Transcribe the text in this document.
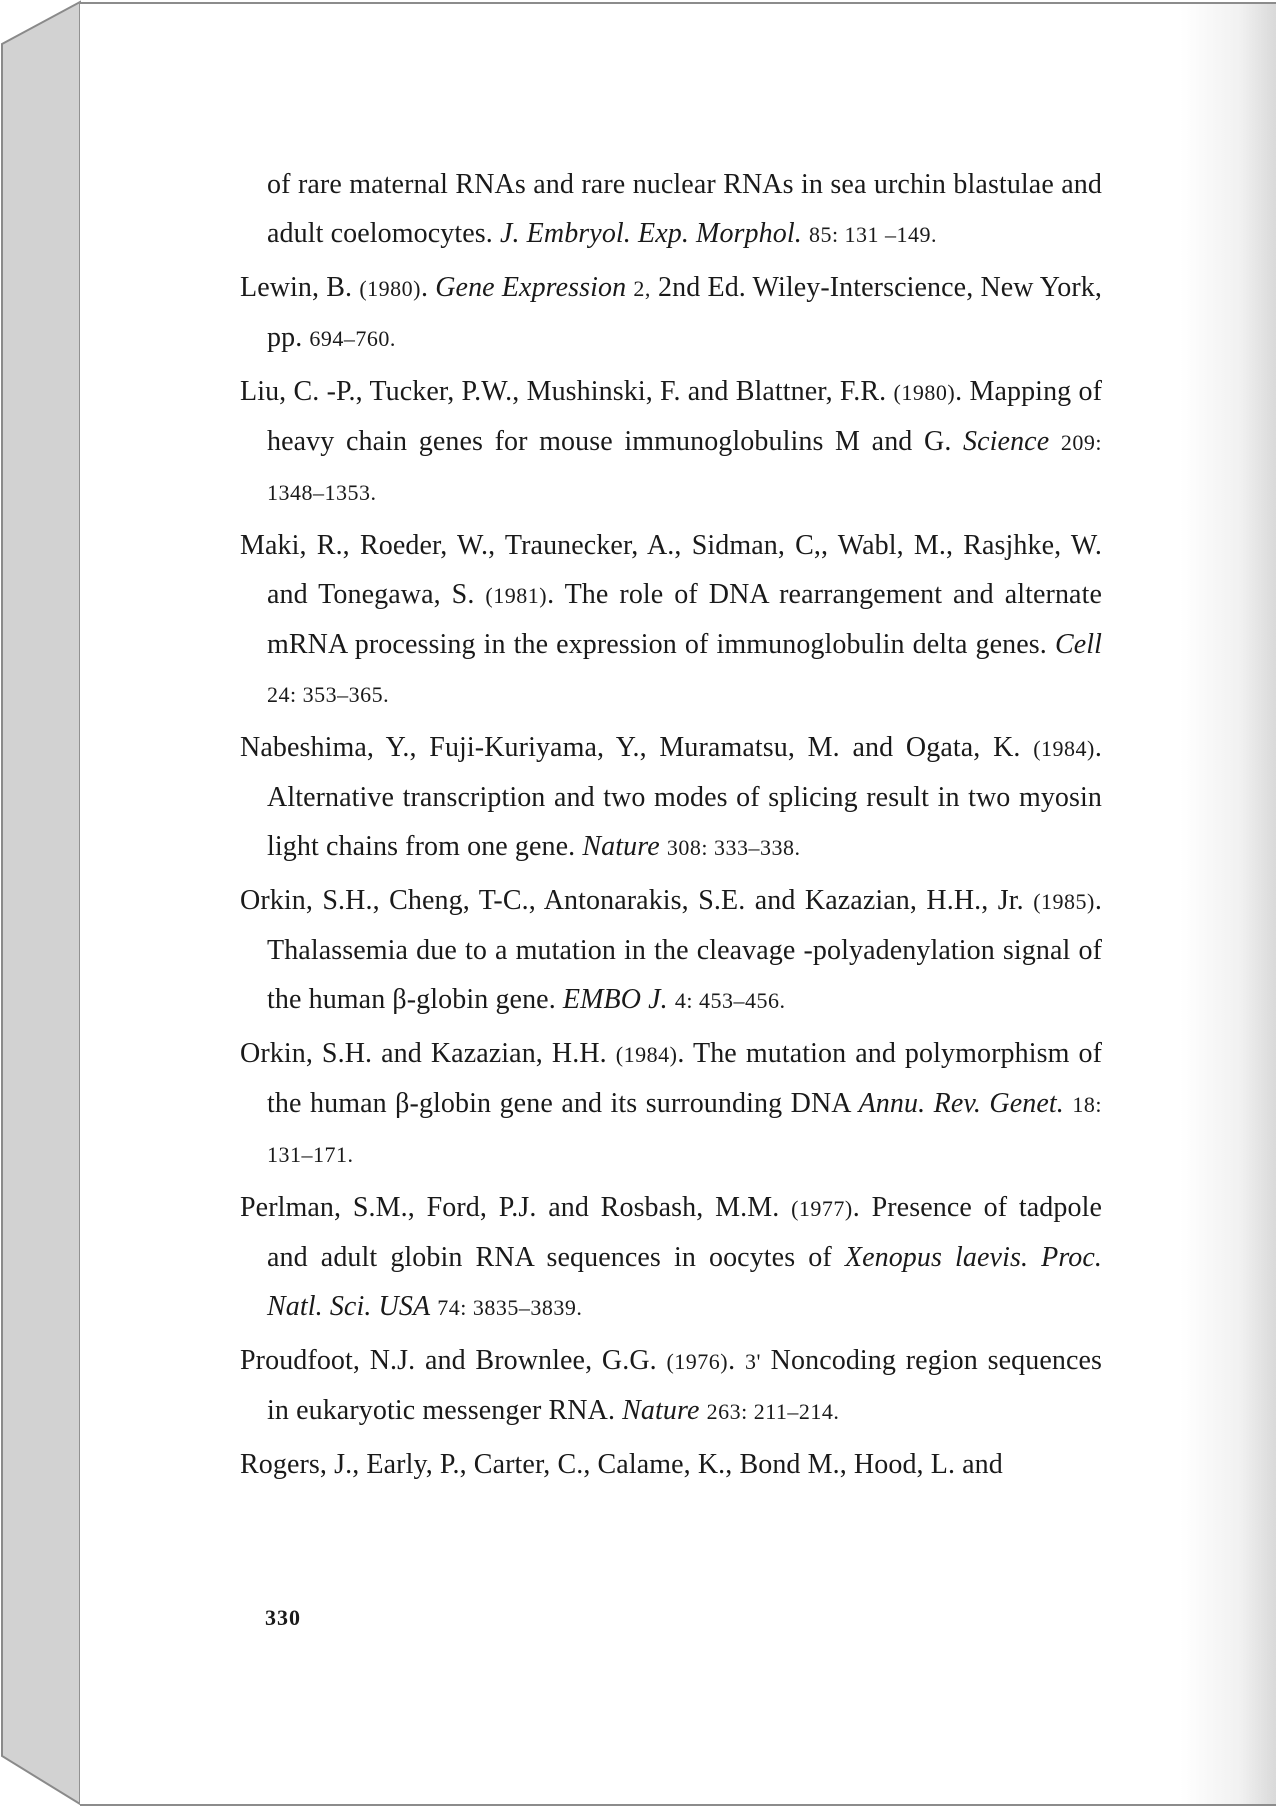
of rare maternal RNAs and rare nuclear RNAs in sea urchin blastulae and adult coelomocytes. J. Embryol. Exp. Morphol. 85: 131 –149.

Lewin, B. (1980). Gene Expression 2, 2nd Ed. Wiley-Interscience, New York, pp. 694–760.

Liu, C. -P., Tucker, P.W., Mushinski, F. and Blattner, F.R. (1980). Mapping of heavy chain genes for mouse immunoglobulins M and G. Science 209: 1348–1353.

Maki, R., Roeder, W., Traunecker, A., Sidman, C,, Wabl, M., Rasjhke, W. and Tonegawa, S. (1981). The role of DNA rearrangement and alternate mRNA processing in the expression of immunoglobulin delta genes. Cell 24: 353–365.

Nabeshima, Y., Fuji-Kuriyama, Y., Muramatsu, M. and Ogata, K. (1984). Alternative transcription and two modes of splicing result in two myosin light chains from one gene. Nature 308: 333–338.

Orkin, S.H., Cheng, T-C., Antonarakis, S.E. and Kazazian, H.H., Jr. (1985). Thalassemia due to a mutation in the cleavage -polyadenylation signal of the human β-globin gene. EMBO J. 4: 453–456.

Orkin, S.H. and Kazazian, H.H. (1984). The mutation and polymorphism of the human β-globin gene and its surrounding DNA Annu. Rev. Genet. 18: 131–171.

Perlman, S.M., Ford, P.J. and Rosbash, M.M. (1977). Presence of tadpole and adult globin RNA sequences in oocytes of Xenopus laevis. Proc. Natl. Sci. USA 74: 3835–3839.

Proudfoot, N.J. and Brownlee, G.G. (1976). 3' Noncoding region sequences in eukaryotic messenger RNA. Nature 263: 211–214.

Rogers, J., Early, P., Carter, C., Calame, K., Bond M., Hood, L. and

330
